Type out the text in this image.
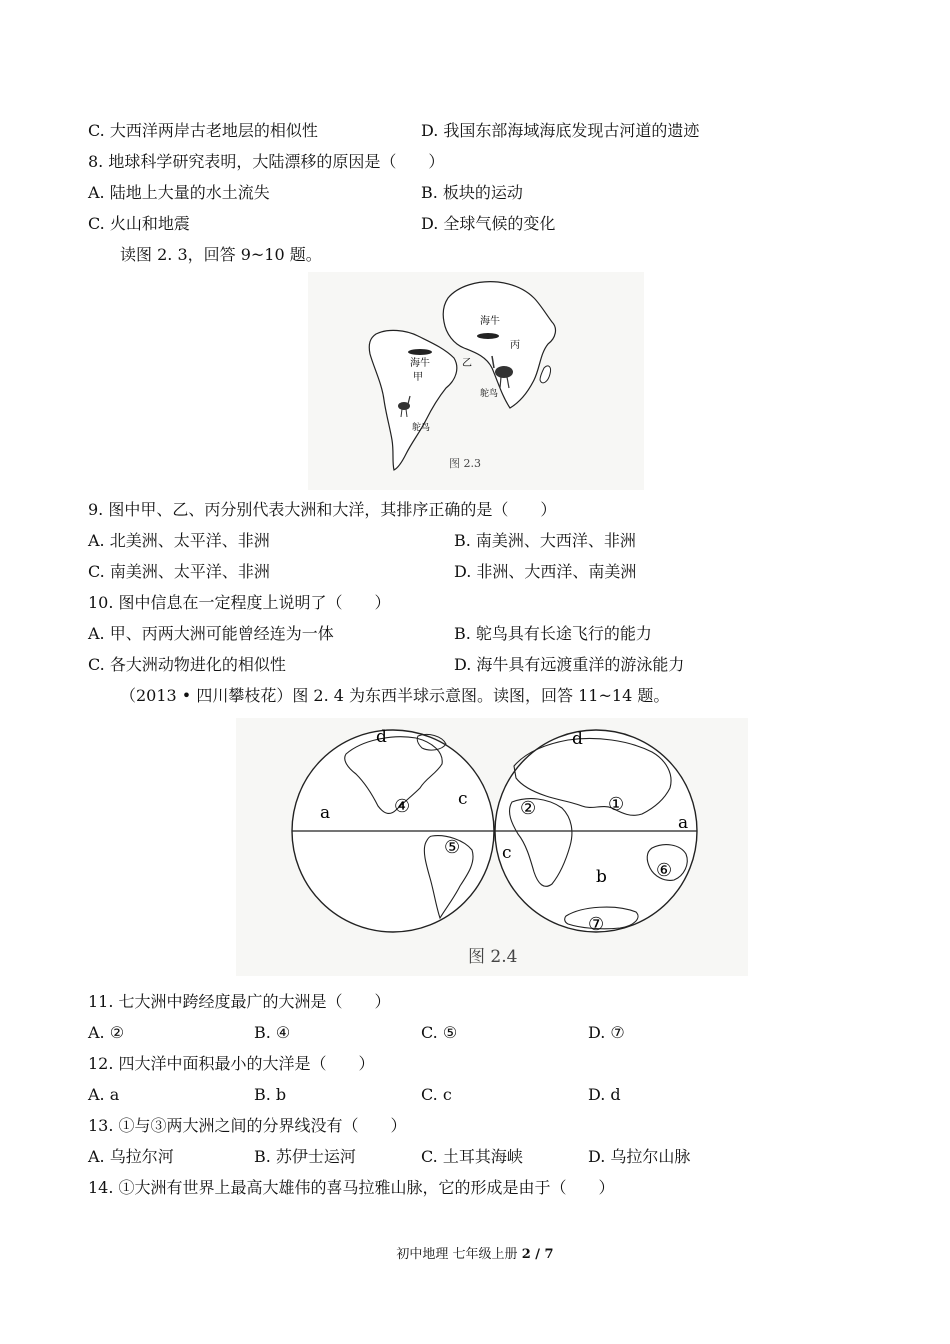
C. 大西洋两岸古老地层的相似性	D. 我国东部海域海底发现古河道的遗迹
8. 地球科学研究表明，大陆漂移的原因是（　　）
A. 陆地上大量的水土流失	B. 板块的运动
C. 火山和地震	D. 全球气候的变化
读图 2. 3，回答 9~10 题。
海牛
甲
乙
海牛
丙
鸵鸟
鸵鸟
图 2.3
9. 图中甲、乙、丙分别代表大洲和大洋，其排序正确的是（　　）
A. 北美洲、太平洋、非洲	B. 南美洲、大西洋、非洲
C. 南美洲、太平洋、非洲	D. 非洲、大西洋、南美洲
10. 图中信息在一定程度上说明了（　　）
A. 甲、丙两大洲可能曾经连为一体	B. 鸵鸟具有长途飞行的能力
C. 各大洲动物进化的相似性	D. 海牛具有远渡重洋的游泳能力
（2013 • 四川攀枝花）图 2. 4 为东西半球示意图。读图，回答 11~14 题。
④
⑤
①
②
⑥
⑦
a
c
d	d
c
a
b
图 2.4
11. 七大洲中跨经度最广的大洲是（　　）
A. ②	B. ④	C. ⑤	D. ⑦
12. 四大洋中面积最小的大洋是（　　）
A. a	B. b	C. c	D. d
13. ①与③两大洲之间的分界线没有（　　）
A. 乌拉尔河	B. 苏伊士运河	C. 土耳其海峡	D. 乌拉尔山脉
14. ①大洲有世界上最高大雄伟的喜马拉雅山脉，它的形成是由于（　　）
初中地理 七年级上册 2 / 7
